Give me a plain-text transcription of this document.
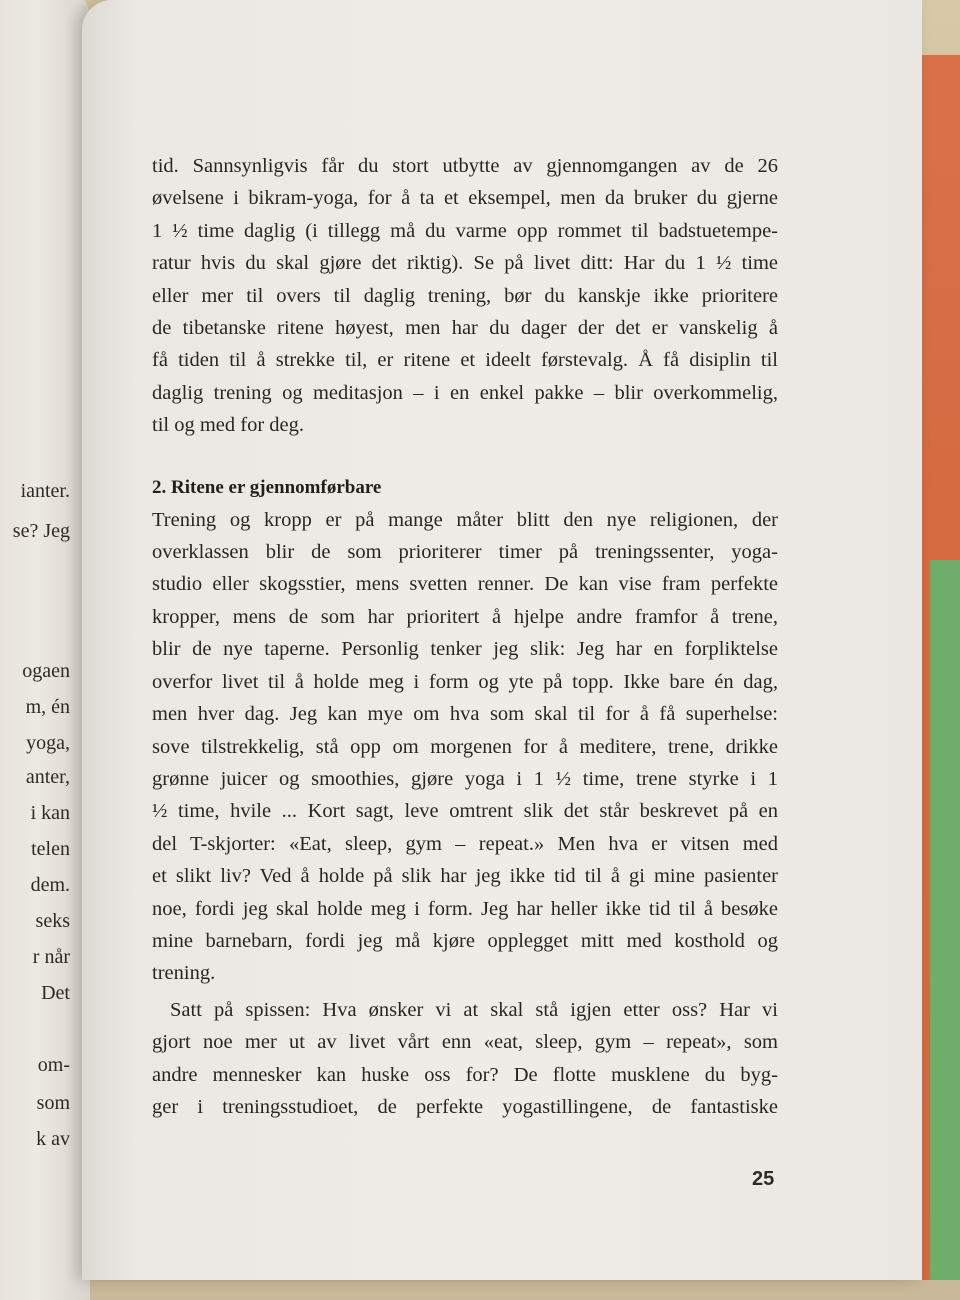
ianter.
se? Jeg
ogaen
m, én
yoga,
anter,
i kan
telen
dem.
seks
r når
Det
om-
som
k av
tid. Sannsynligvis får du stort utbytte av gjennomgangen av de 26
øvelsene i bikram-yoga, for å ta et eksempel, men da bruker du gjerne
1 ½ time daglig (i tillegg må du varme opp rommet til badstuetempe-
ratur hvis du skal gjøre det riktig). Se på livet ditt: Har du 1 ½ time
eller mer til overs til daglig trening, bør du kanskje ikke prioritere
de tibetanske ritene høyest, men har du dager der det er vanskelig å
få tiden til å strekke til, er ritene et ideelt førstevalg. Å få disiplin til
daglig trening og meditasjon – i en enkel pakke – blir overkommelig,
til og med for deg.
2. Ritene er gjennomførbare
Trening og kropp er på mange måter blitt den nye religionen, der
overklassen blir de som prioriterer timer på treningssenter, yoga-
studio eller skogsstier, mens svetten renner. De kan vise fram perfekte
kropper, mens de som har prioritert å hjelpe andre framfor å trene,
blir de nye taperne. Personlig tenker jeg slik: Jeg har en forpliktelse
overfor livet til å holde meg i form og yte på topp. Ikke bare én dag,
men hver dag. Jeg kan mye om hva som skal til for å få superhelse:
sove tilstrekkelig, stå opp om morgenen for å meditere, trene, drikke
grønne juicer og smoothies, gjøre yoga i 1 ½ time, trene styrke i 1
½ time, hvile ... Kort sagt, leve omtrent slik det står beskrevet på en
del T-skjorter: «Eat, sleep, gym – repeat.» Men hva er vitsen med
et slikt liv? Ved å holde på slik har jeg ikke tid til å gi mine pasienter
noe, fordi jeg skal holde meg i form. Jeg har heller ikke tid til å besøke
mine barnebarn, fordi jeg må kjøre opplegget mitt med kosthold og
trening.
Satt på spissen: Hva ønsker vi at skal stå igjen etter oss? Har vi
gjort noe mer ut av livet vårt enn «eat, sleep, gym – repeat», som
andre mennesker kan huske oss for? De flotte musklene du byg-
ger i treningsstudioet, de perfekte yogastillingene, de fantastiske
25
